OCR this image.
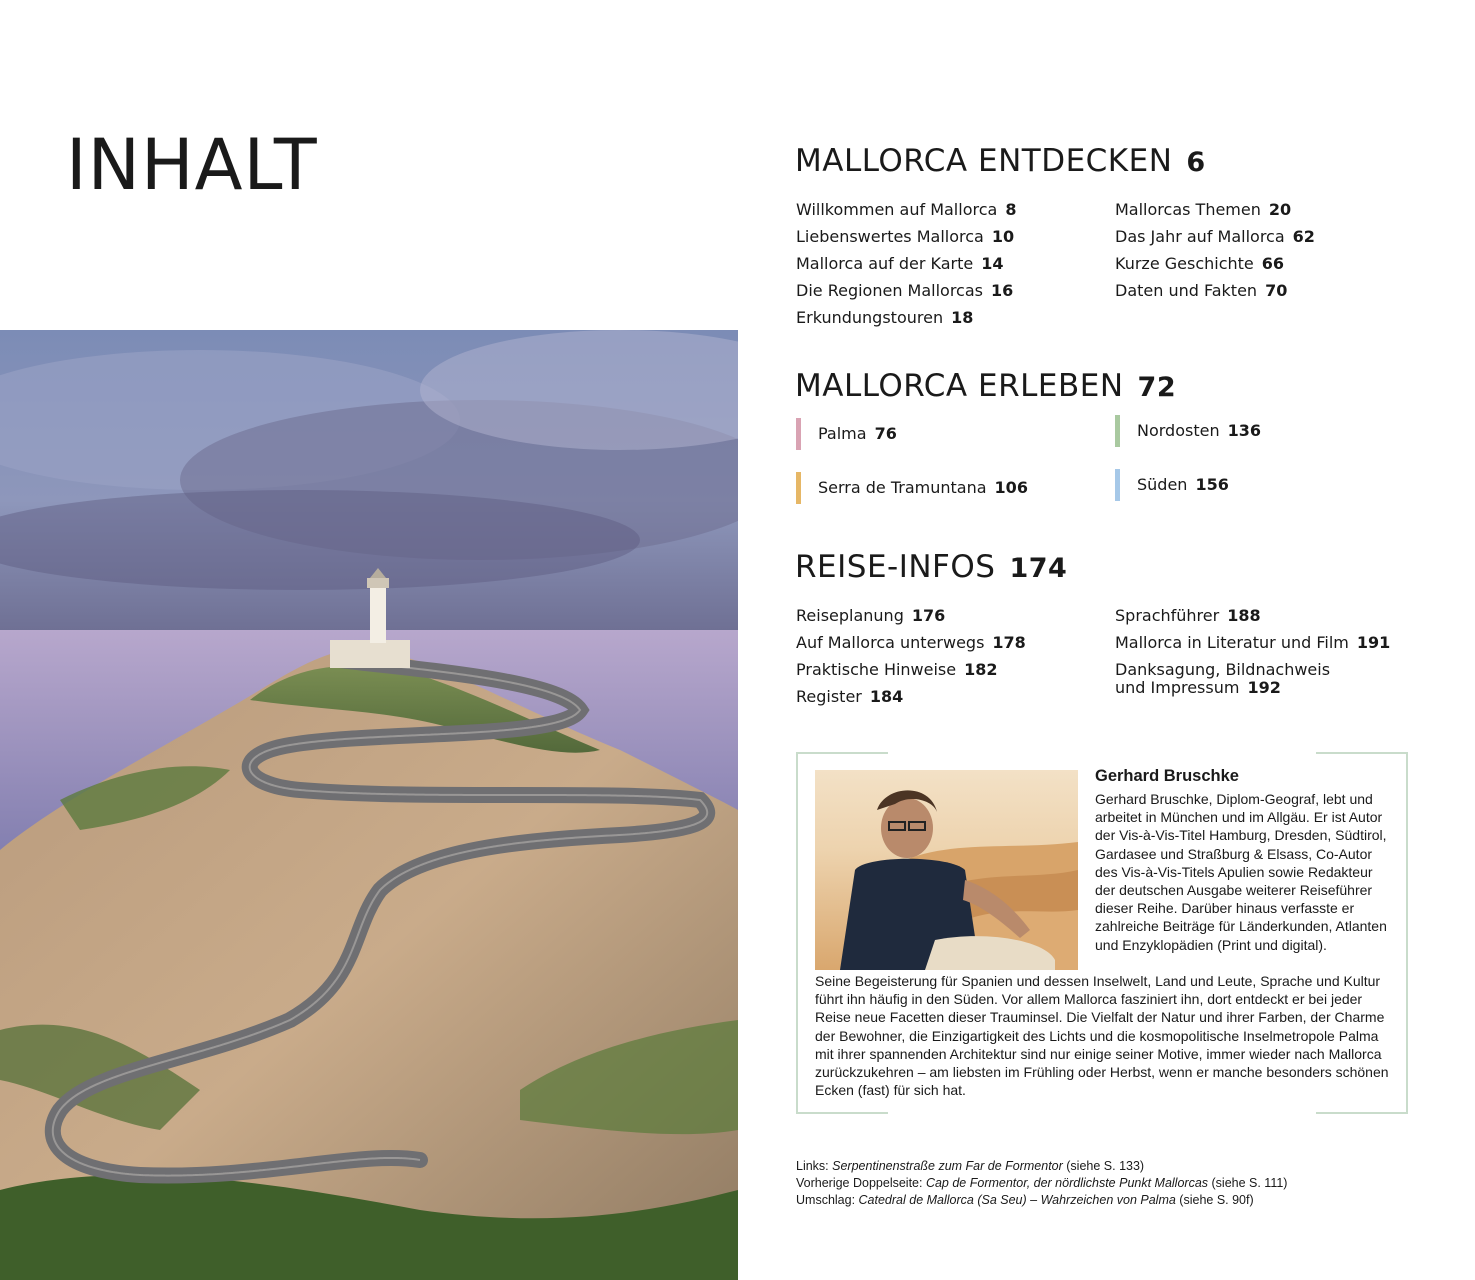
INHALT	MALLORCA ENTDECKEN 6
Willkommen auf Mallorca 8
Liebenswertes Mallorca 10
Mallorca auf der Karte 14
Die Regionen Mallorcas 16
Erkundungstouren 18
Mallorcas Themen 20
Das Jahr auf Mallorca 62
Kurze Geschichte 66
Daten und Fakten 70
MALLORCA ERLEBEN 72
Palma 76	Nordosten 136
Serra de Tramuntana 106	Süden 156
REISE-INFOS 174
Reiseplanung 176
Auf Mallorca unterwegs 178
Praktische Hinweise 182
Register 184
Sprachführer 188
Mallorca in Literatur und Film 191
Danksagung, Bildnachweis
und Impressum 192
Gerhard Bruschke
Gerhard Bruschke, Diplom-Geograf, lebt und arbeitet in München und im Allgäu. Er ist Autor der Vis-à-Vis-Titel Hamburg, Dresden, Südtirol, Gardasee und Straßburg & Elsass, Co-Autor des Vis-à-Vis-Titels Apulien sowie Redakteur der deutschen Ausgabe weiterer Reiseführer dieser Reihe. Darüber hinaus verfasste er zahlreiche Beiträge für Länderkunden, Atlanten und Enzyklopädien (Print und digital).
Seine Begeisterung für Spanien und dessen Inselwelt, Land und Leute, Sprache und Kultur führt ihn häufig in den Süden. Vor allem Mallorca fasziniert ihn, dort entdeckt er bei jeder Reise neue Facetten dieser Trauminsel. Die Vielfalt der Natur und ihrer Farben, der Charme der Bewohner, die Einzigartigkeit des Lichts und die kosmopolitische Inselmetropole Palma mit ihrer spannenden Architektur sind nur einige seiner Motive, immer wieder nach Mallorca zurückzukehren – am liebsten im Frühling oder Herbst, wenn er manche besonders schönen Ecken (fast) für sich hat.
Links: Serpentinenstraße zum Far de Formentor (siehe S. 133)
Vorherige Doppelseite: Cap de Formentor, der nördlichste Punkt Mallorcas (siehe S. 111)
Umschlag: Catedral de Mallorca (Sa Seu) – Wahrzeichen von Palma (siehe S. 90f)
